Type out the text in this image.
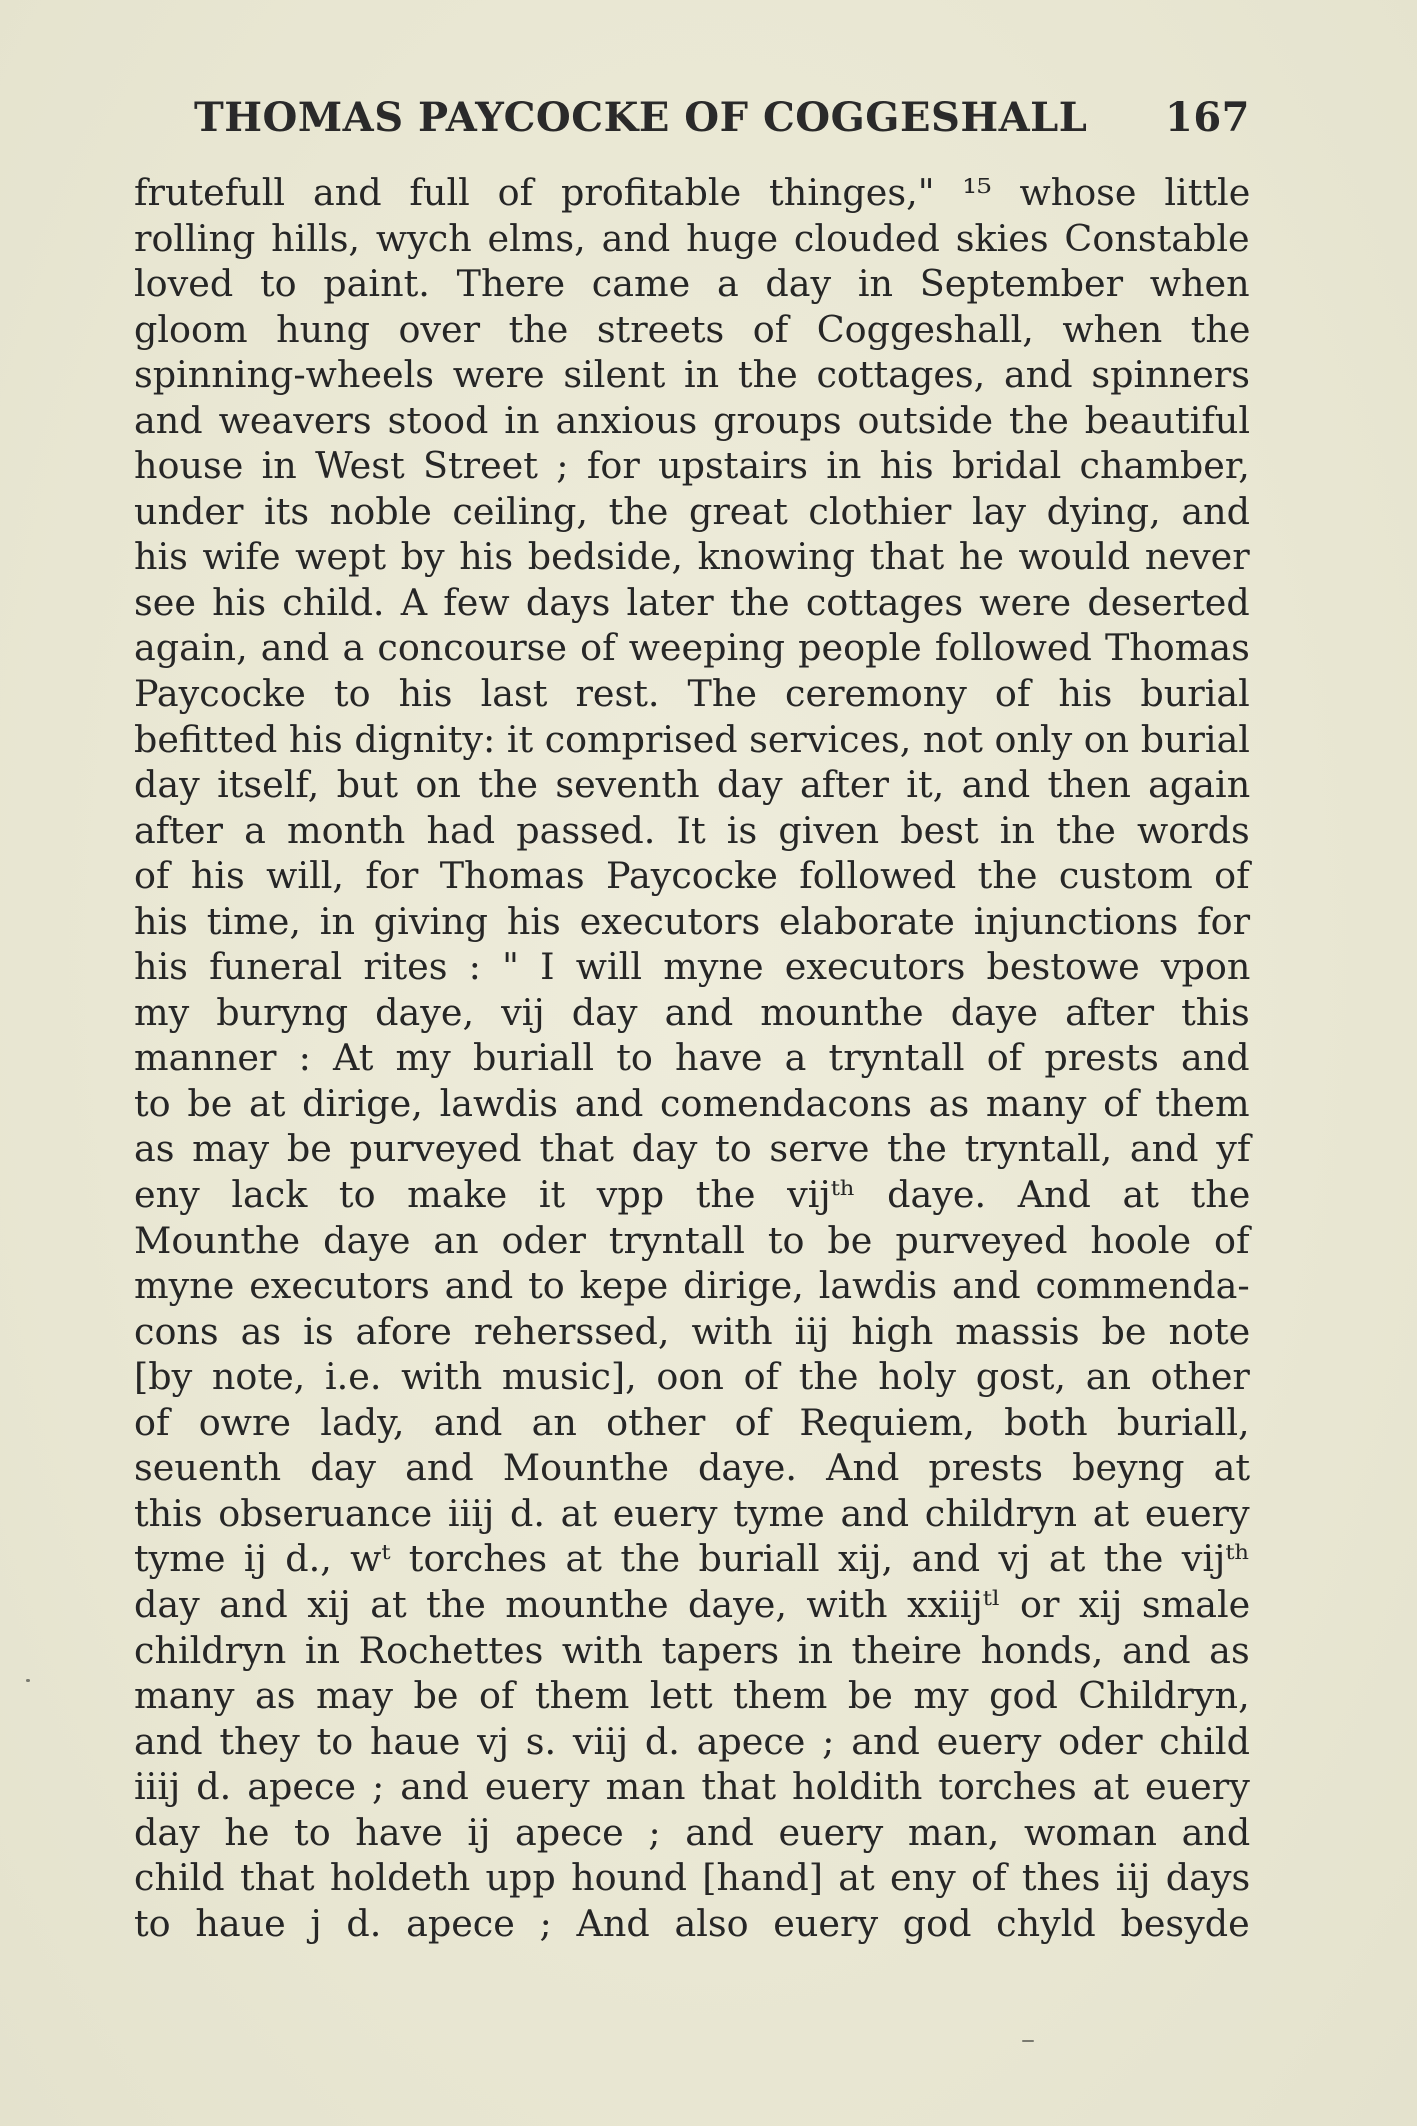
THOMAS PAYCOCKE OF COGGESHALL 167
frutefull and full of profitable thinges," ¹⁵ whose little
rolling hills, wych elms, and huge clouded skies Constable
loved to paint. There came a day in September when
gloom hung over the streets of Coggeshall, when the
spinning-wheels were silent in the cottages, and spinners
and weavers stood in anxious groups outside the beautiful
house in West Street ; for upstairs in his bridal chamber,
under its noble ceiling, the great clothier lay dying, and
his wife wept by his bedside, knowing that he would never
see his child. A few days later the cottages were deserted
again, and a concourse of weeping people followed Thomas
Paycocke to his last rest. The ceremony of his burial
befitted his dignity: it comprised services, not only on burial
day itself, but on the seventh day after it, and then again
after a month had passed. It is given best in the words
of his will, for Thomas Paycocke followed the custom of
his time, in giving his executors elaborate injunctions for
his funeral rites : " I will myne executors bestowe vpon
my buryng daye, vij day and mounthe daye after this
manner : At my buriall to have a tryntall of prests and
to be at dirige, lawdis and comendacons as many of them
as may be purveyed that day to serve the tryntall, and yf
eny lack to make it vpp the vijᵗʰ daye. And at the
Mounthe daye an oder tryntall to be purveyed hoole of
myne executors and to kepe dirige, lawdis and commenda-
cons as is afore reherssed, with iij high massis be note
[by note, i.e. with music], oon of the holy gost, an other
of owre lady, and an other of Requiem, both buriall,
seuenth day and Mounthe daye. And prests beyng at
this obseruance iiij d. at euery tyme and childryn at euery
tyme ij d., wᵗ torches at the buriall xij, and vj at the vijᵗʰ
day and xij at the mounthe daye, with xxiijᵗˡ or xij smale
childryn in Rochettes with tapers in theire honds, and as
many as may be of them lett them be my god Childryn,
and they to haue vj s. viij d. apece ; and euery oder child
iiij d. apece ; and euery man that holdith torches at euery
day he to have ij apece ; and euery man, woman and
child that holdeth upp hound [hand] at eny of thes iij days
to haue j d. apece ; And also euery god chyld besyde
